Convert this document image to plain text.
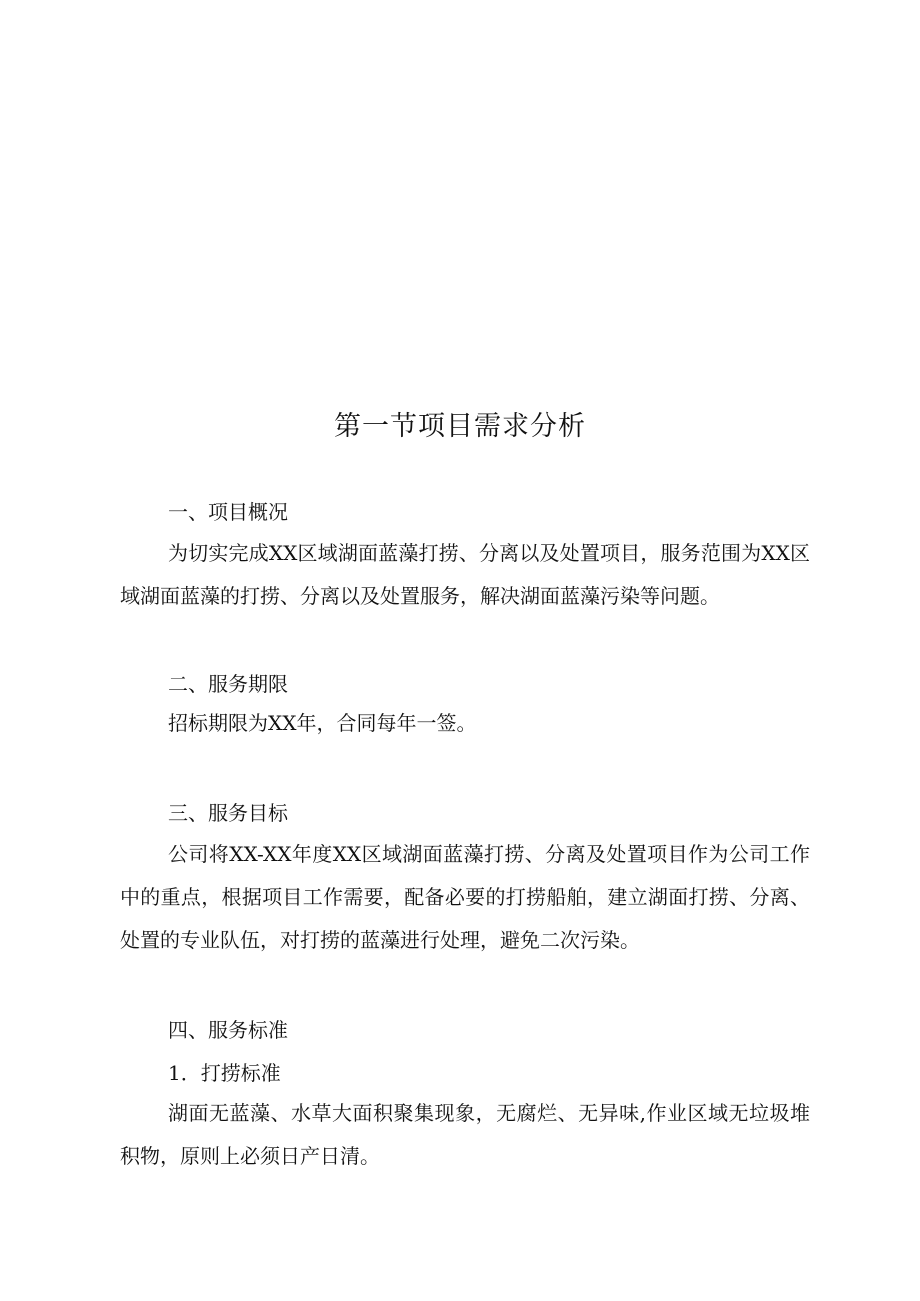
第一节项目需求分析
一、项目概况

为切实完成XX区域湖面蓝藻打捞、分离以及处置项目，服务范围为XX区域湖面蓝藻的打捞、分离以及处置服务，解决湖面蓝藻污染等问题。

二、服务期限

招标期限为XX年，合同每年一签。

三、服务目标

公司将XX-XX年度XX区域湖面蓝藻打捞、分离及处置项目作为公司工作中的重点，根据项目工作需要，配备必要的打捞船舶，建立湖面打捞、分离、处置的专业队伍，对打捞的蓝藻进行处理，避免二次污染。

四、服务标准
1．打捞标准

湖面无蓝藻、水草大面积聚集现象，无腐烂、无异味,作业区域无垃圾堆积物，原则上必须日产日清。
